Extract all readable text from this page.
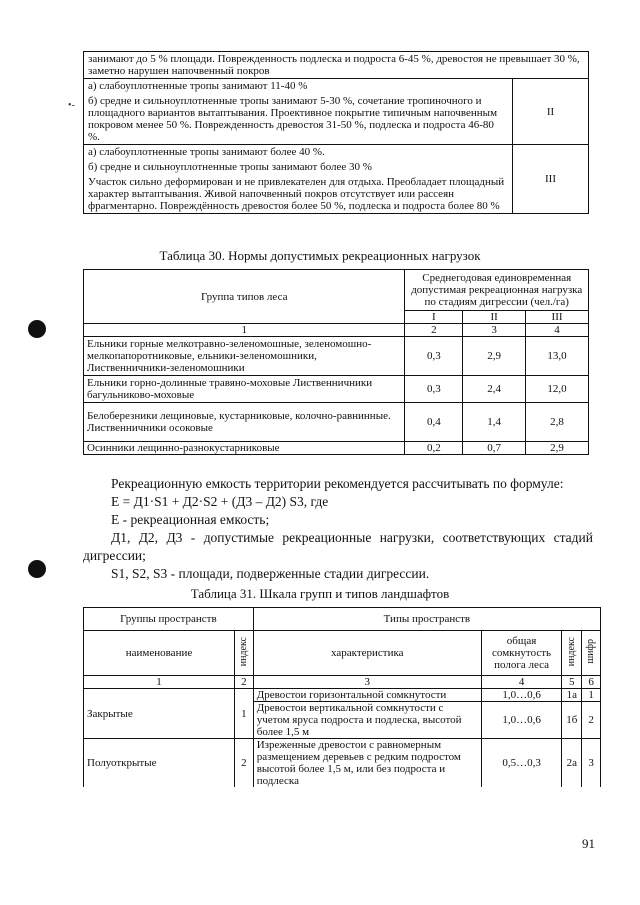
•-
занимают до 5 % площади. Поврежденность подлеска и подроста 6-45 %, древостоя не превышает 30 %, заметно нарушен напочвенный покров	

а) слабоуплотненные тропы занимают 11-40 %

б) средне и сильноуплотненные тропы занимают 5-30 %, сочетание тропиночного и площадного вариантов вытаптывания. Проективное покрытие типичным напочвенным покровом менее 50 %. Поврежденность древостоя 31-50 %, подлеска и подроста 46-80 %.	II

а) слабоуплотненные тропы занимают более 40 %.

б) средне и сильноуплотненные тропы занимают более 30 %

Участок сильно деформирован и не привлекателен для отдыха. Преобладает площадный характер вытаптывания. Живой напочвенный покров отсутствует или рассеян фрагментарно. Повреждённость древостоя более 50 %, подлеска и подроста более 80 %	III
Таблица 30. Нормы допустимых рекреационных нагрузок
Группа типов леса	Среднегодовая единовременная допустимая рекреационная нагрузка по стадиям дигрессии (чел./га)		
	I	II	III
1	2	3	4
Ельники горные мелкотравно-зеленомошные, зеленомошно-мелкопапоротниковые, ельники-зеленомошники, Лиственничники-зеленомошники	0,3	2,9	13,0
Ельники горно-долинные травяно-моховые Лиственничники багульниково-моховые	0,3	2,4	12,0
Белоберезники лещиновые, кустарниковые, колочно-равнинные. Лиственничники осоковые	0,4	1,4	2,8
Осинники лещинно-разнокустарниковые	0,2	0,7	2,9

Рекреационную емкость территории рекомендуется рассчитывать по формуле:

Е = Д1·S1 + Д2·S2 + (Д3 – Д2) S3, где

Е - рекреационная емкость;

Д1, Д2, Д3 - допустимые рекреационные нагрузки, соответствующих стадий дигрессии;

S1, S2, S3 - площади, подверженные стадии дигрессии.

Таблица 31. Шкала групп и типов ландшафтов
Группы пространств		Типы пространств			
наименование	индекс	характеристика	общая сомкнутость полога леса	индекс	шифр
1	2	3	4	5	6
Закрытые	1	Древостои горизонтальной сомкнутости	1,0…0,6	1а	1
		Древостои вертикальной сомкнутости с учетом яруса подроста и подлеска, высотой более 1,5 м	1,0…0,6	1б	2
Полуоткрытые	2	Изреженные древостои с равномерным размещением деревьев с редким подростом высотой более 1,5 м, или без подроста и подлеска	0,5…0,3	2а	3
91
